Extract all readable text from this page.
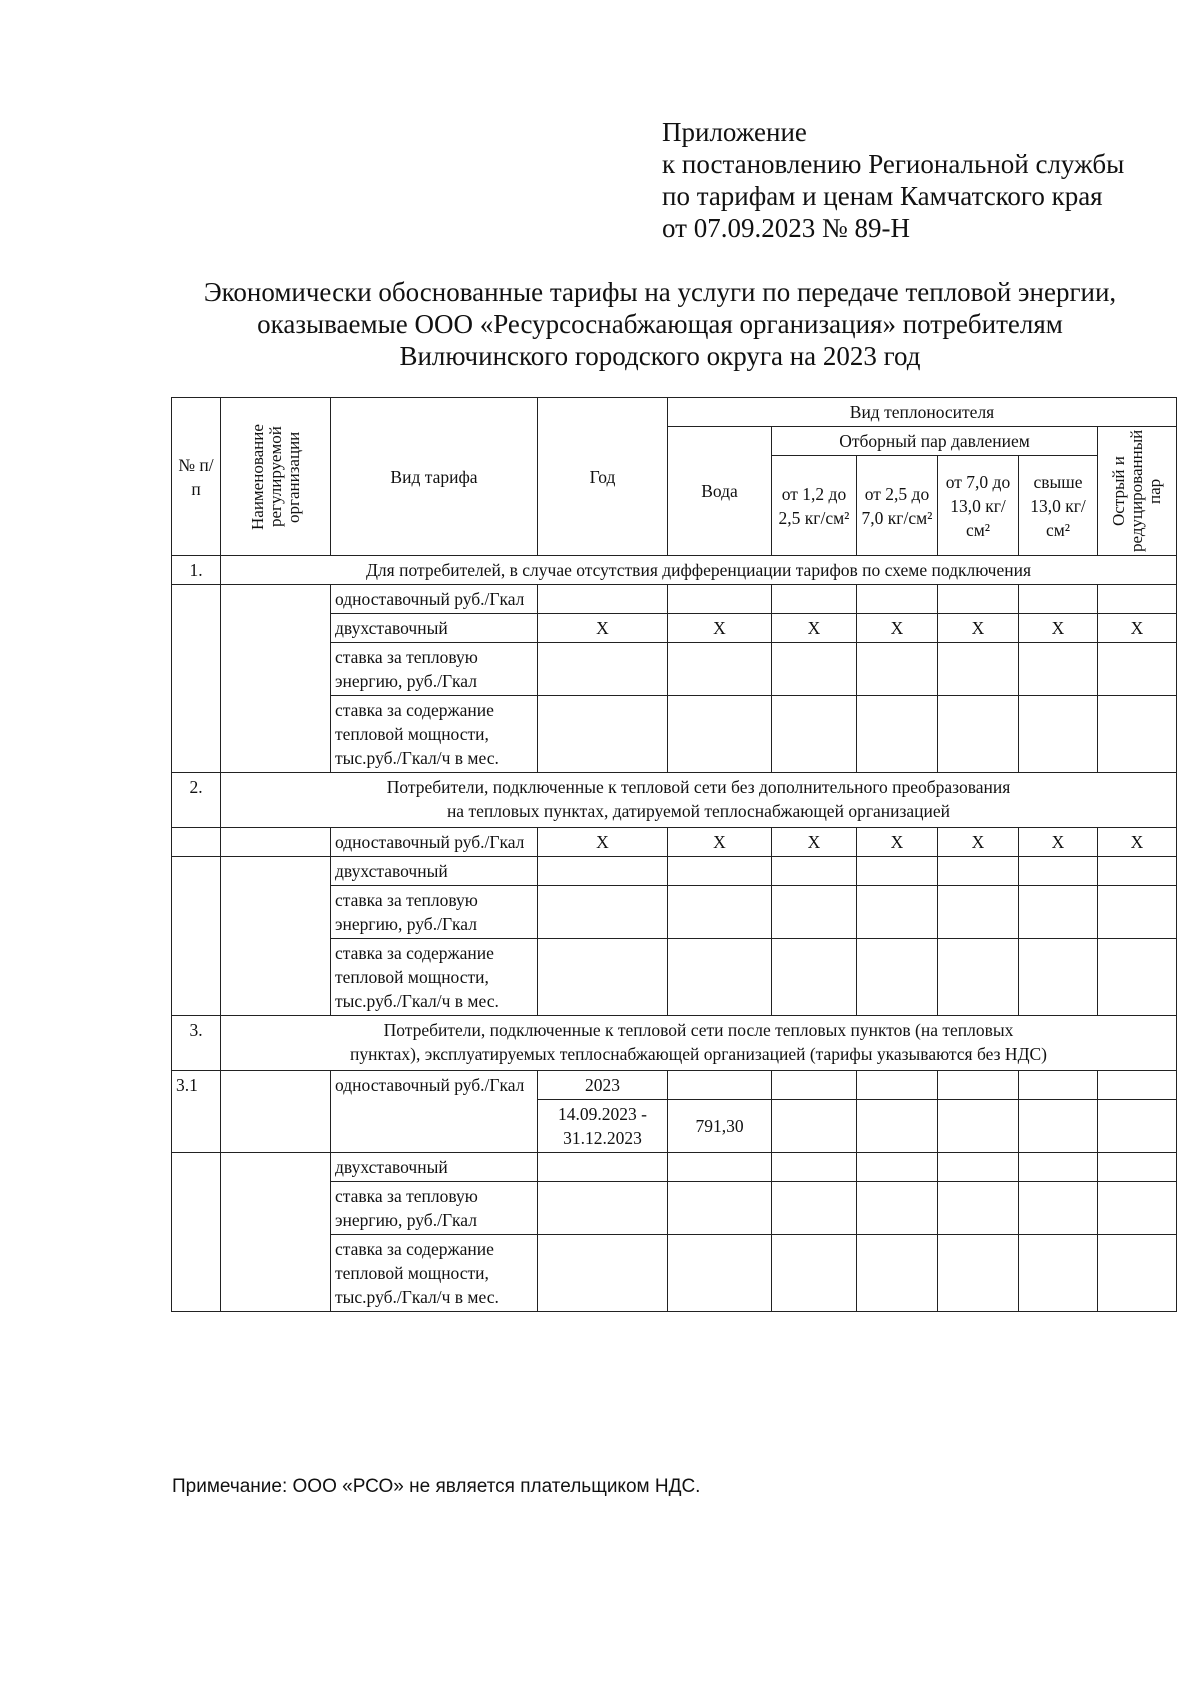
Приложение
к постановлению Региональной службы
по тарифам и ценам Камчатского края
от 07.09.2023 № 89-Н
Экономически обоснованные тарифы на услуги по передаче тепловой энергии,
оказываемые ООО «Ресурсоснабжающая организация» потребителям
Вилючинского городского округа на 2023 год
№ п/п	Наименование регулируемой организации	Вид тарифа	Год	Вид теплоносителя					
				Вода	Отборный пар давлением				Острый и редуцированный пар

					от 1,2 до 2,5 кг/см²	от 2,5 до 7,0 кг/см²	от 7,0 до 13,0 кг/см²	свыше 13,0 кг/см²	
1.	Для потребителей, в случае отсутствия дифференциации тарифов по схеме подключения								
		одноставочный руб./Гкал							
		двухставочный	X	X	X	X	X	X	X
		ставка за тепловую энергию, руб./Гкал							
		ставка за содержание тепловой мощности, тыс.руб./Гкал/ч в мес.							
2.	Потребители, подключенные к тепловой сети без дополнительного преобразования
на тепловых пунктах, датируемой теплоснабжающей организацией								

		одноставочный руб./Гкал	X	X	X	X	X	X	X
		двухставочный							
		ставка за тепловую энергию, руб./Гкал							
		ставка за содержание тепловой мощности, тыс.руб./Гкал/ч в мес.							
3.	Потребители, подключенные к тепловой сети после тепловых пунктов (на тепловых
пунктах), эксплуатируемых теплоснабжающей организацией (тарифы указываются без НДС)								

3.1		одноставочный руб./Гкал	2023						
			14.09.2023 - 31.12.2023	791,30					
		двухставочный							
		ставка за тепловую энергию, руб./Гкал							
		ставка за содержание тепловой мощности, тыс.руб./Гкал/ч в мес.							
Примечание: ООО «РСО» не является плательщиком НДС.
